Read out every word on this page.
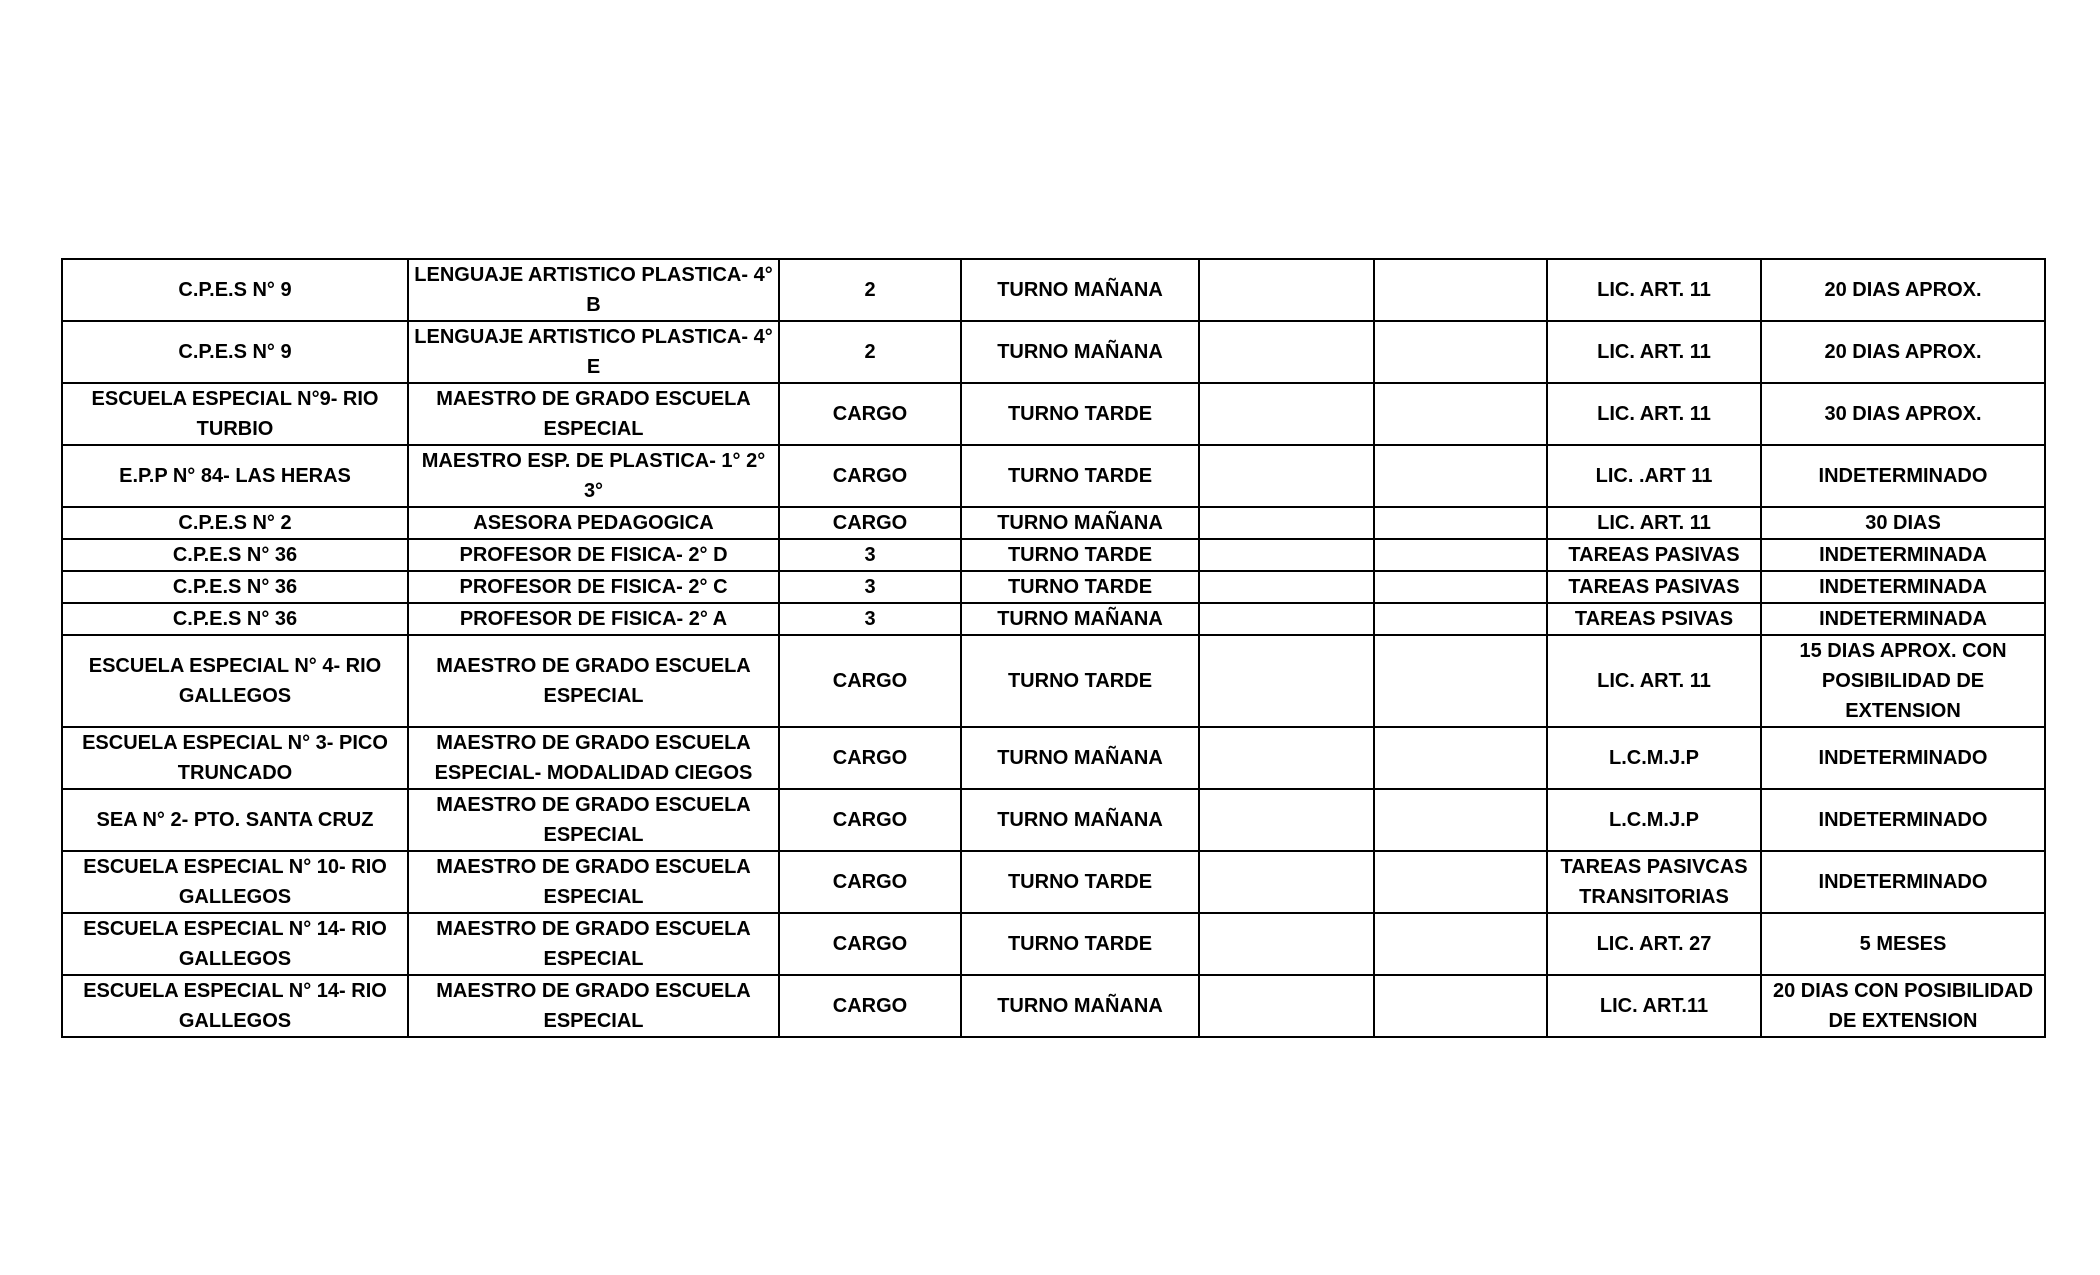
C.P.E.S N° 9	LENGUAJE ARTISTICO PLASTICA- 4° B	2	TURNO MAÑANA			LIC. ART. 11	20 DIAS APROX.
C.P.E.S N° 9	LENGUAJE ARTISTICO PLASTICA- 4° E	2	TURNO MAÑANA			LIC. ART. 11	20 DIAS APROX.
ESCUELA ESPECIAL N°9- RIO TURBIO	MAESTRO DE GRADO ESCUELA ESPECIAL	CARGO	TURNO TARDE			LIC. ART. 11	30 DIAS APROX.
E.P.P N° 84- LAS HERAS	MAESTRO ESP. DE PLASTICA- 1° 2° 3°	CARGO	TURNO TARDE			LIC. .ART 11	INDETERMINADO
C.P.E.S N° 2	ASESORA PEDAGOGICA	CARGO	TURNO MAÑANA			LIC. ART. 11	30 DIAS
C.P.E.S N° 36	PROFESOR DE FISICA- 2° D	3	TURNO TARDE			TAREAS PASIVAS	INDETERMINADA
C.P.E.S N° 36	PROFESOR DE FISICA- 2° C	3	TURNO TARDE			TAREAS PASIVAS	INDETERMINADA
C.P.E.S N° 36	PROFESOR DE FISICA- 2° A	3	TURNO MAÑANA			TAREAS PSIVAS	INDETERMINADA
ESCUELA ESPECIAL N° 4- RIO GALLEGOS	MAESTRO DE GRADO ESCUELA ESPECIAL	CARGO	TURNO TARDE			LIC. ART. 11	15 DIAS APROX. CON POSIBILIDAD DE EXTENSION
ESCUELA ESPECIAL N° 3- PICO TRUNCADO	MAESTRO DE GRADO ESCUELA ESPECIAL- MODALIDAD CIEGOS	CARGO	TURNO MAÑANA			L.C.M.J.P	INDETERMINADO
SEA N° 2- PTO. SANTA CRUZ	MAESTRO DE GRADO ESCUELA ESPECIAL	CARGO	TURNO MAÑANA			L.C.M.J.P	INDETERMINADO
ESCUELA ESPECIAL N° 10- RIO GALLEGOS	MAESTRO DE GRADO ESCUELA ESPECIAL	CARGO	TURNO TARDE			TAREAS PASIVCAS TRANSITORIAS	INDETERMINADO
ESCUELA ESPECIAL N° 14- RIO GALLEGOS	MAESTRO DE GRADO ESCUELA ESPECIAL	CARGO	TURNO TARDE			LIC. ART. 27	5 MESES
ESCUELA ESPECIAL N° 14- RIO GALLEGOS	MAESTRO DE GRADO ESCUELA ESPECIAL	CARGO	TURNO MAÑANA			LIC. ART.11	20 DIAS CON POSIBILIDAD DE EXTENSION
